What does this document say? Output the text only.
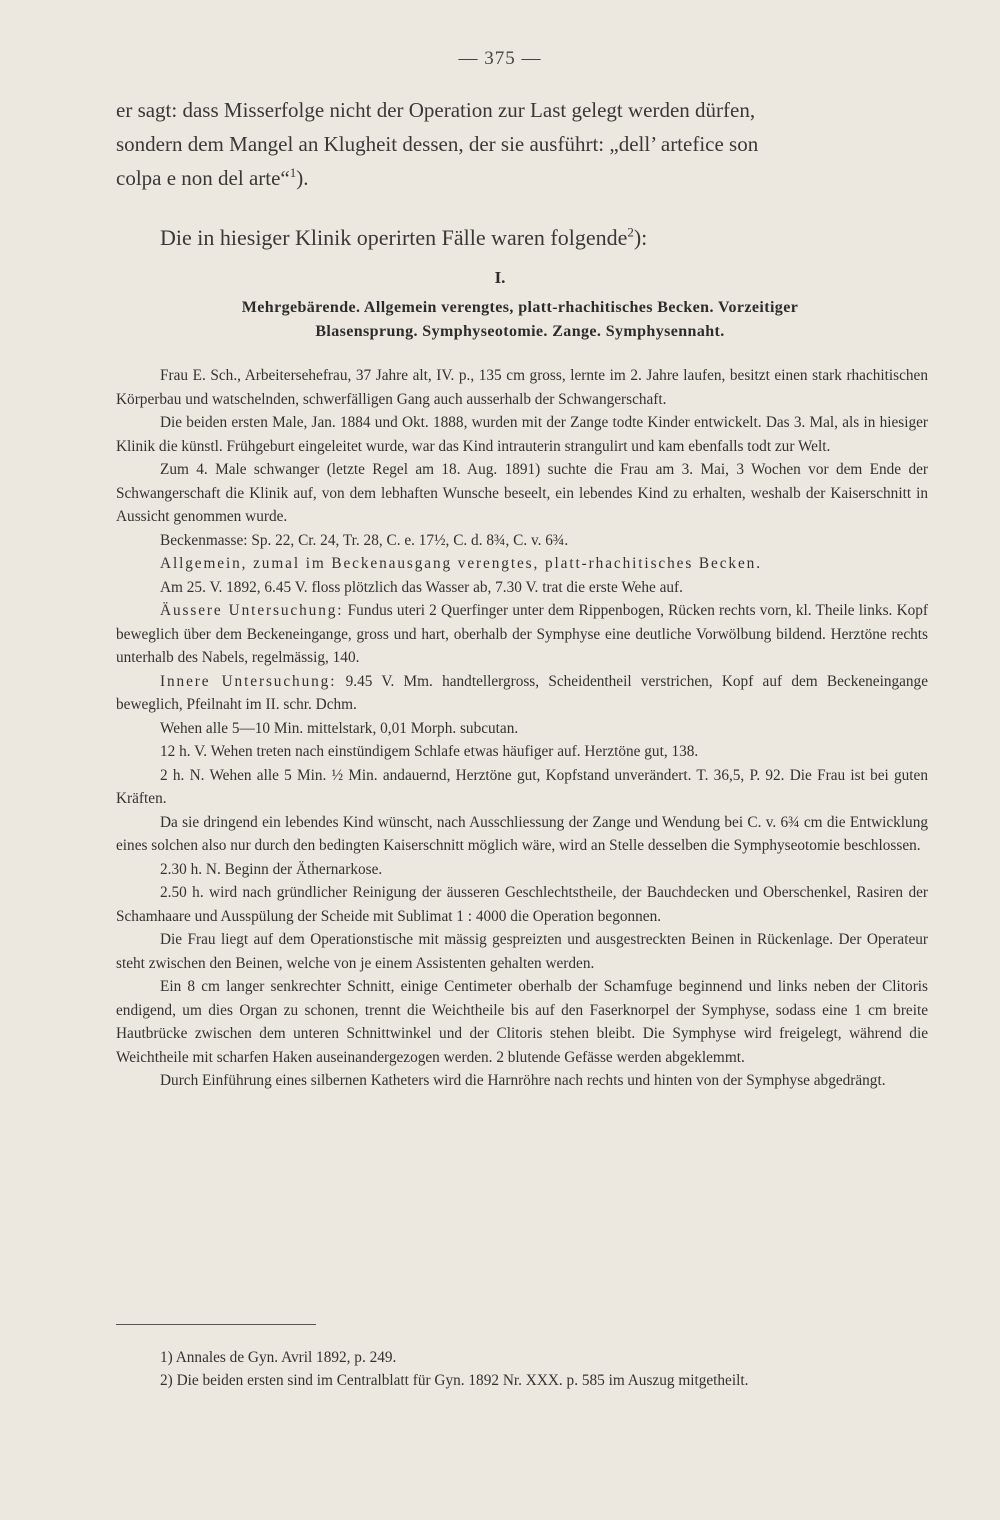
— 375 —

er sagt: dass Misserfolge nicht der Operation zur Last gelegt werden dürfen,

sondern dem Mangel an Klugheit dessen, der sie ausführt: „dell’ artefice son

colpa e non del arte“$^1$).

Die in hiesiger Klinik operirten Fälle waren folgende$^2$):

I.
Mehrgebärende. Allgemein verengtes, platt-rhachitisches Becken. Vorzeitiger
Blasensprung. Symphyseotomie. Zange. Symphysennaht.

Frau E. Sch., Arbeitersehefrau, 37 Jahre alt, IV. p., 135 cm gross, lernte im 2. Jahre laufen, besitzt einen stark rhachitischen Körperbau und watschelnden, schwerfälligen Gang auch ausserhalb der Schwangerschaft.

Die beiden ersten Male, Jan. 1884 und Okt. 1888, wurden mit der Zange todte Kinder entwickelt. Das 3. Mal, als in hiesiger Klinik die künstl. Frühgeburt eingeleitet wurde, war das Kind intrauterin strangulirt und kam ebenfalls todt zur Welt.

Zum 4. Male schwanger (letzte Regel am 18. Aug. 1891) suchte die Frau am 3. Mai, 3 Wochen vor dem Ende der Schwangerschaft die Klinik auf, von dem lebhaften Wunsche beseelt, ein lebendes Kind zu erhalten, weshalb der Kaiserschnitt in Aussicht genommen wurde.

Beckenmasse: Sp. 22, Cr. 24, Tr. 28, C. e. 17½, C. d. 8¾, C. v. 6¾.

Allgemein, zumal im Beckenausgang verengtes, platt-rhachitisches Becken.

Am 25. V. 1892, 6.45 V. floss plötzlich das Wasser ab, 7.30 V. trat die erste Wehe auf.

Äussere Untersuchung: Fundus uteri 2 Querfinger unter dem Rippenbogen, Rücken rechts vorn, kl. Theile links. Kopf beweglich über dem Beckeneingange, gross und hart, oberhalb der Symphyse eine deutliche Vorwölbung bildend. Herztöne rechts unterhalb des Nabels, regelmässig, 140.

Innere Untersuchung: 9.45 V. Mm. handtellergross, Scheidentheil verstrichen, Kopf auf dem Beckeneingange beweglich, Pfeilnaht im II. schr. Dchm.

Wehen alle 5—10 Min. mittelstark, 0,01 Morph. subcutan.

12 h. V. Wehen treten nach einstündigem Schlafe etwas häufiger auf. Herztöne gut, 138.

2 h. N. Wehen alle 5 Min. ½ Min. andauernd, Herztöne gut, Kopfstand unverändert. T. 36,5, P. 92. Die Frau ist bei guten Kräften.

Da sie dringend ein lebendes Kind wünscht, nach Ausschliessung der Zange und Wendung bei C. v. 6¾ cm die Entwicklung eines solchen also nur durch den bedingten Kaiserschnitt möglich wäre, wird an Stelle desselben die Symphyseotomie beschlossen.

2.30 h. N. Beginn der Äthernarkose.

2.50 h. wird nach gründlicher Reinigung der äusseren Geschlechtstheile, der Bauchdecken und Oberschenkel, Rasiren der Schamhaare und Ausspülung der Scheide mit Sublimat 1 : 4000 die Operation begonnen.

Die Frau liegt auf dem Operationstische mit mässig gespreizten und ausgestreckten Beinen in Rückenlage. Der Operateur steht zwischen den Beinen, welche von je einem Assistenten gehalten werden.

Ein 8 cm langer senkrechter Schnitt, einige Centimeter oberhalb der Schamfuge beginnend und links neben der Clitoris endigend, um dies Organ zu schonen, trennt die Weichtheile bis auf den Faserknorpel der Symphyse, sodass eine 1 cm breite Hautbrücke zwischen dem unteren Schnittwinkel und der Clitoris stehen bleibt. Die Symphyse wird freigelegt, während die Weichtheile mit scharfen Haken auseinandergezogen werden. 2 blutende Gefässe werden abgeklemmt.

Durch Einführung eines silbernen Katheters wird die Harnröhre nach rechts und hinten von der Symphyse abgedrängt.

1) Annales de Gyn. Avril 1892, p. 249.

2) Die beiden ersten sind im Centralblatt für Gyn. 1892 Nr. XXX. p. 585 im Auszug mitgetheilt.
